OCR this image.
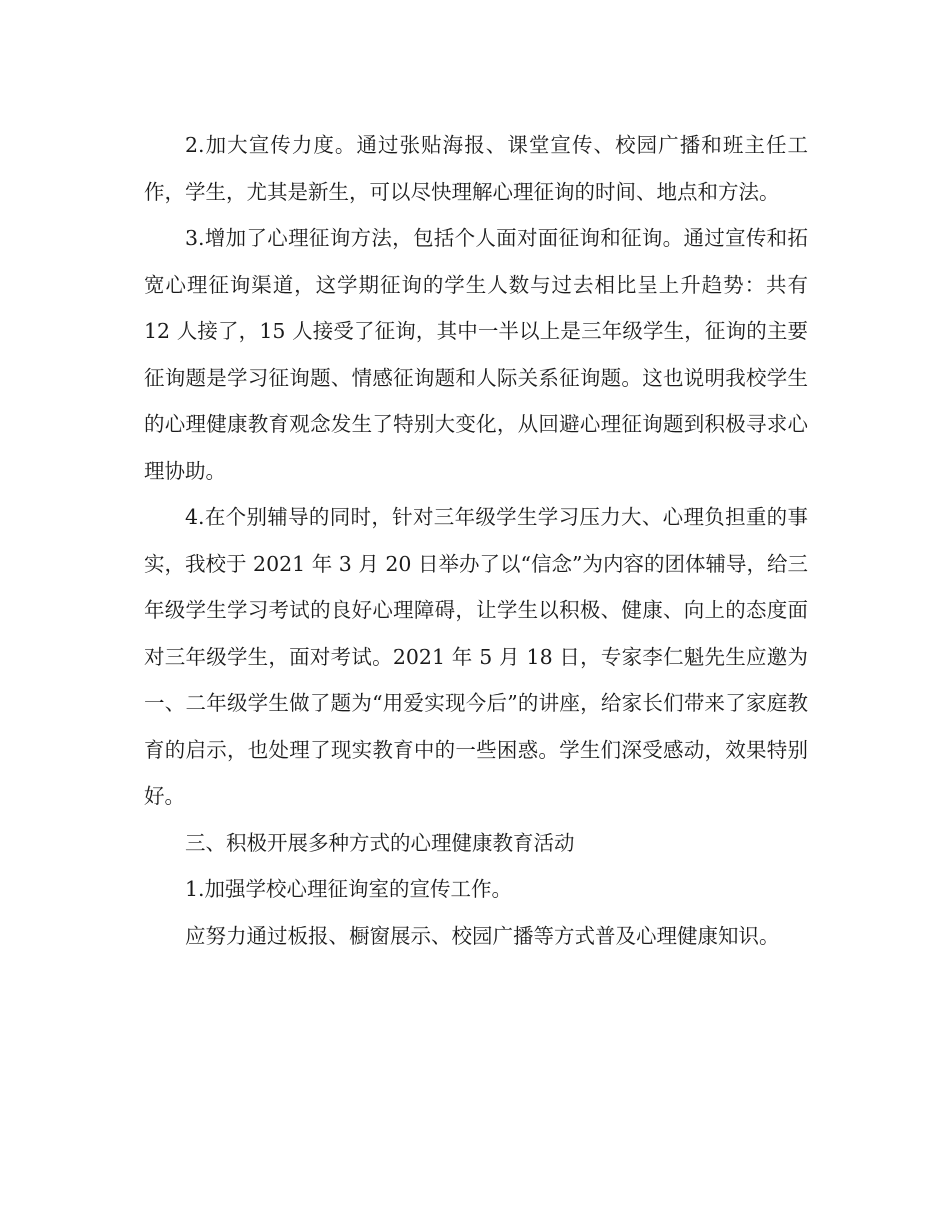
2.加大宣传力度。通过张贴海报、课堂宣传、校园广播和班主任工作，学生，尤其是新生，可以尽快理解心理征询的时间、地点和方法。

3.增加了心理征询方法，包括个人面对面征询和征询。通过宣传和拓宽心理征询渠道，这学期征询的学生人数与过去相比呈上升趋势：共有 12 人接了，15 人接受了征询，其中一半以上是三年级学生，征询的主要征询题是学习征询题、情感征询题和人际关系征询题。这也说明我校学生的心理健康教育观念发生了特别大变化，从回避心理征询题到积极寻求心理协助。

4.在个别辅导的同时，针对三年级学生学习压力大、心理负担重的事实，我校于 2021 年 3 月 20 日举办了以“信念”为内容的团体辅导，给三年级学生学习考试的良好心理障碍，让学生以积极、健康、向上的态度面对三年级学生，面对考试。2021 年 5 月 18 日，专家李仁魁先生应邀为一、二年级学生做了题为“用爱实现今后”的讲座，给家长们带来了家庭教育的启示，也处理了现实教育中的一些困惑。学生们深受感动，效果特别好。

三、积极开展多种方式的心理健康教育活动

1.加强学校心理征询室的宣传工作。

应努力通过板报、橱窗展示、校园广播等方式普及心理健康知识。
